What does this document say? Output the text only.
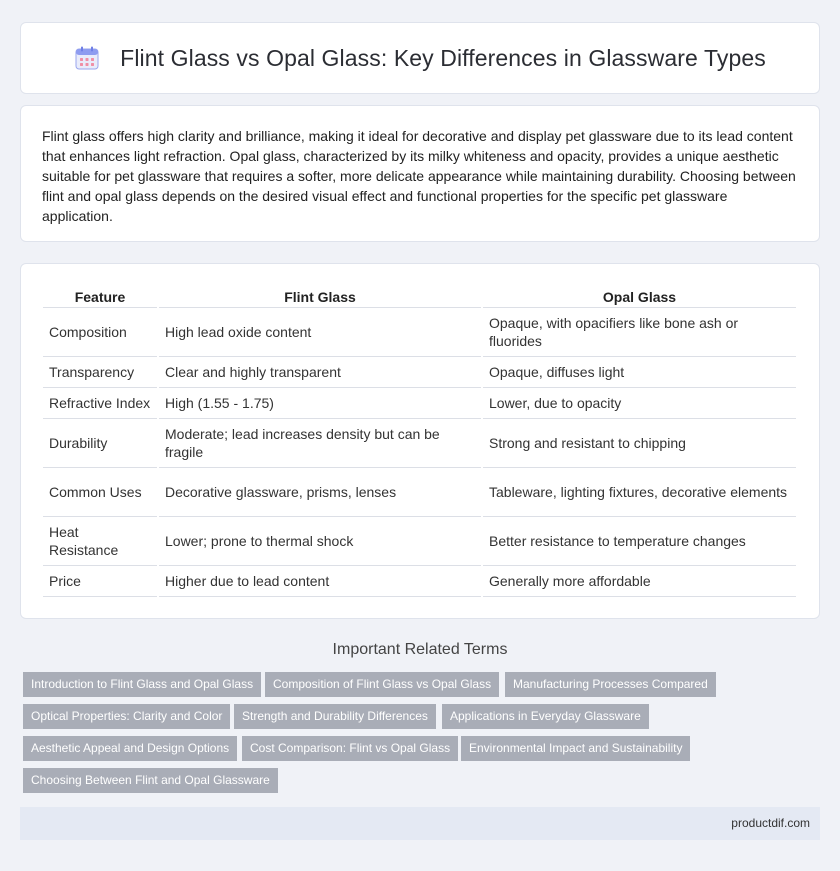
Flint Glass vs Opal Glass: Key Differences in Glassware Types

Flint glass offers high clarity and brilliance, making it ideal for decorative and display pet glassware due to its lead content that enhances light refraction. Opal glass, characterized by its milky whiteness and opacity, provides a unique aesthetic suitable for pet glassware that requires a softer, more delicate appearance while maintaining durability. Choosing between flint and opal glass depends on the desired visual effect and functional properties for the specific pet glassware application.

Feature	Flint Glass	Opal Glass
Composition	High lead oxide content	Opaque, with opacifiers like bone ash or fluorides
Transparency	Clear and highly transparent	Opaque, diffuses light
Refractive Index	High (1.55 - 1.75)	Lower, due to opacity
Durability	Moderate; lead increases density but can be fragile	Strong and resistant to chipping
Common Uses	Decorative glassware, prisms, lenses	Tableware, lighting fixtures, decorative elements
Heat Resistance	Lower; prone to thermal shock	Better resistance to temperature changes
Price	Higher due to lead content	Generally more affordable
Important Related Terms
Introduction to Flint Glass and Opal Glass	Composition of Flint Glass vs Opal Glass	Manufacturing Processes Compared
Optical Properties: Clarity and Color	Strength and Durability Differences	Applications in Everyday Glassware
Aesthetic Appeal and Design Options	Cost Comparison: Flint vs Opal Glass	Environmental Impact and Sustainability
Choosing Between Flint and Opal Glassware
productdif.com
